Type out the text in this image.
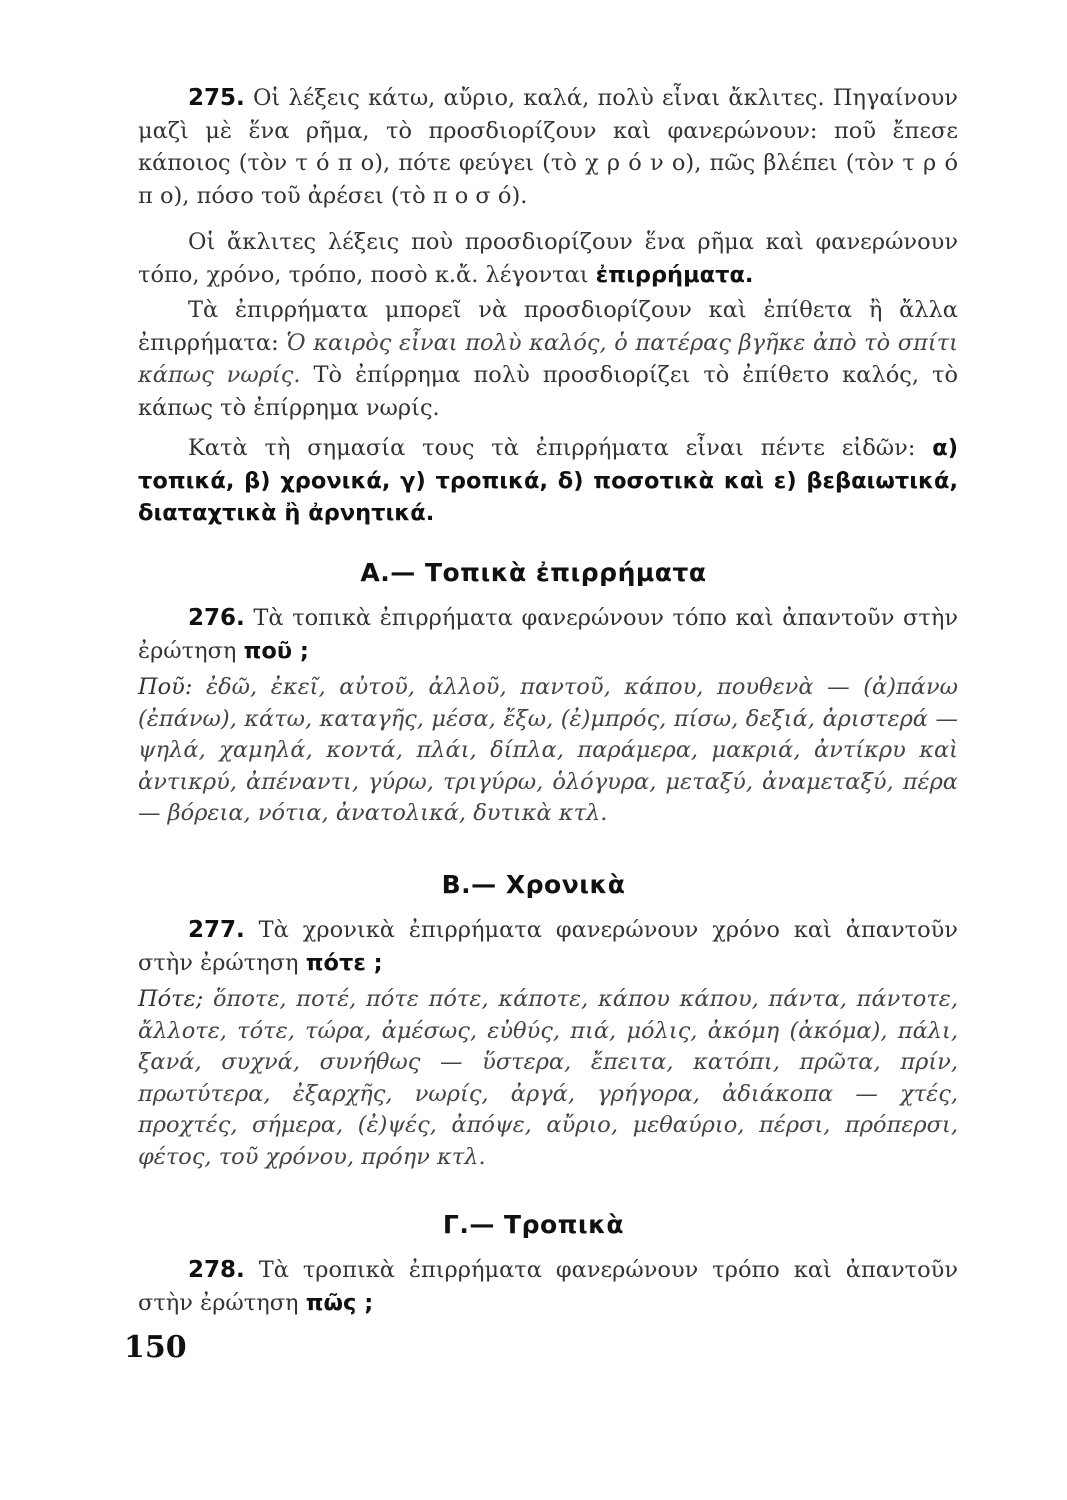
275. Οἱ λέξεις κάτω, αὔριο, καλά, πολὺ εἶναι ἄκλιτες. Πηγαίνουν μαζὶ μὲ ἕνα ρῆμα, τὸ προσδιορίζουν καὶ φανερώνουν: ποῦ ἔπεσε κάποιος (τὸν τ ό π ο), πότε φεύγει (τὸ χ ρ ό ν ο), πῶς βλέπει (τὸν τ ρ ό π ο), πόσο τοῦ ἀρέσει (τὸ π ο σ ό).

Οἱ ἄκλιτες λέξεις ποὺ προσδιορίζουν ἕνα ρῆμα καὶ φανερώνουν τόπο, χρόνο, τρόπο, ποσὸ κ.ἄ. λέγονται ἐπιρρήματα.

Τὰ ἐπιρρήματα μπορεῖ νὰ προσδιορίζουν καὶ ἐπίθετα ἢ ἄλλα ἐπιρρήματα: Ὁ καιρὸς εἶναι πολὺ καλός, ὁ πατέρας βγῆκε ἀπὸ τὸ σπίτι κάπως νωρίς. Τὸ ἐπίρρημα πολὺ προσδιορίζει τὸ ἐπίθετο καλός, τὸ κάπως τὸ ἐπίρρημα νωρίς.

Κατὰ τὴ σημασία τους τὰ ἐπιρρήματα εἶναι πέντε εἰδῶν: α) τοπικά, β) χρονικά, γ) τροπικά, δ) ποσοτικὰ καὶ ε) βεβαιωτικά, διαταχτικὰ ἢ ἀρνητικά.

Α.— Τοπικὰ ἐπιρρήματα

276. Τὰ τοπικὰ ἐπιρρήματα φανερώνουν τόπο καὶ ἀπαντοῦν στὴν ἐρώτηση ποῦ ;

Ποῦ: ἐδῶ, ἐκεῖ, αὐτοῦ, ἀλλοῦ, παντοῦ, κάπου, πουθενὰ — (ἀ)πάνω (ἐπάνω), κάτω, καταγῆς, μέσα, ἔξω, (ἐ)μπρός, πίσω, δεξιά, ἀριστερά — ψηλά, χαμηλά, κοντά, πλάι, δίπλα, παράμερα, μακριά, ἀντίκρυ καὶ ἀντικρύ, ἀπέναντι, γύρω, τριγύρω, ὁλόγυρα, μεταξύ, ἀναμεταξύ, πέρα — βόρεια, νότια, ἀνατολικά, δυτικὰ κτλ.

Β.— Χρονικὰ

277. Τὰ χρονικὰ ἐπιρρήματα φανερώνουν χρόνο καὶ ἀπαντοῦν στὴν ἐρώτηση πότε ;

Πότε; ὅποτε, ποτέ, πότε πότε, κάποτε, κάπου κάπου, πάντα, πάντοτε, ἄλλοτε, τότε, τώρα, ἀμέσως, εὐθύς, πιά, μόλις, ἀκόμη (ἀκόμα), πάλι, ξανά, συχνά, συνήθως — ὕστερα, ἔπειτα, κατόπι, πρῶτα, πρίν, πρωτύτερα, ἐξαρχῆς, νωρίς, ἀργά, γρήγορα, ἀδιάκοπα — χτές, προχτές, σήμερα, (ἐ)ψές, ἀπόψε, αὔριο, μεθαύριο, πέρσι, πρόπερσι, φέτος, τοῦ χρόνου, πρόην κτλ.

Γ.— Τροπικὰ

278. Τὰ τροπικὰ ἐπιρρήματα φανερώνουν τρόπο καὶ ἀπαντοῦν στὴν ἐρώτηση πῶς ;

150
